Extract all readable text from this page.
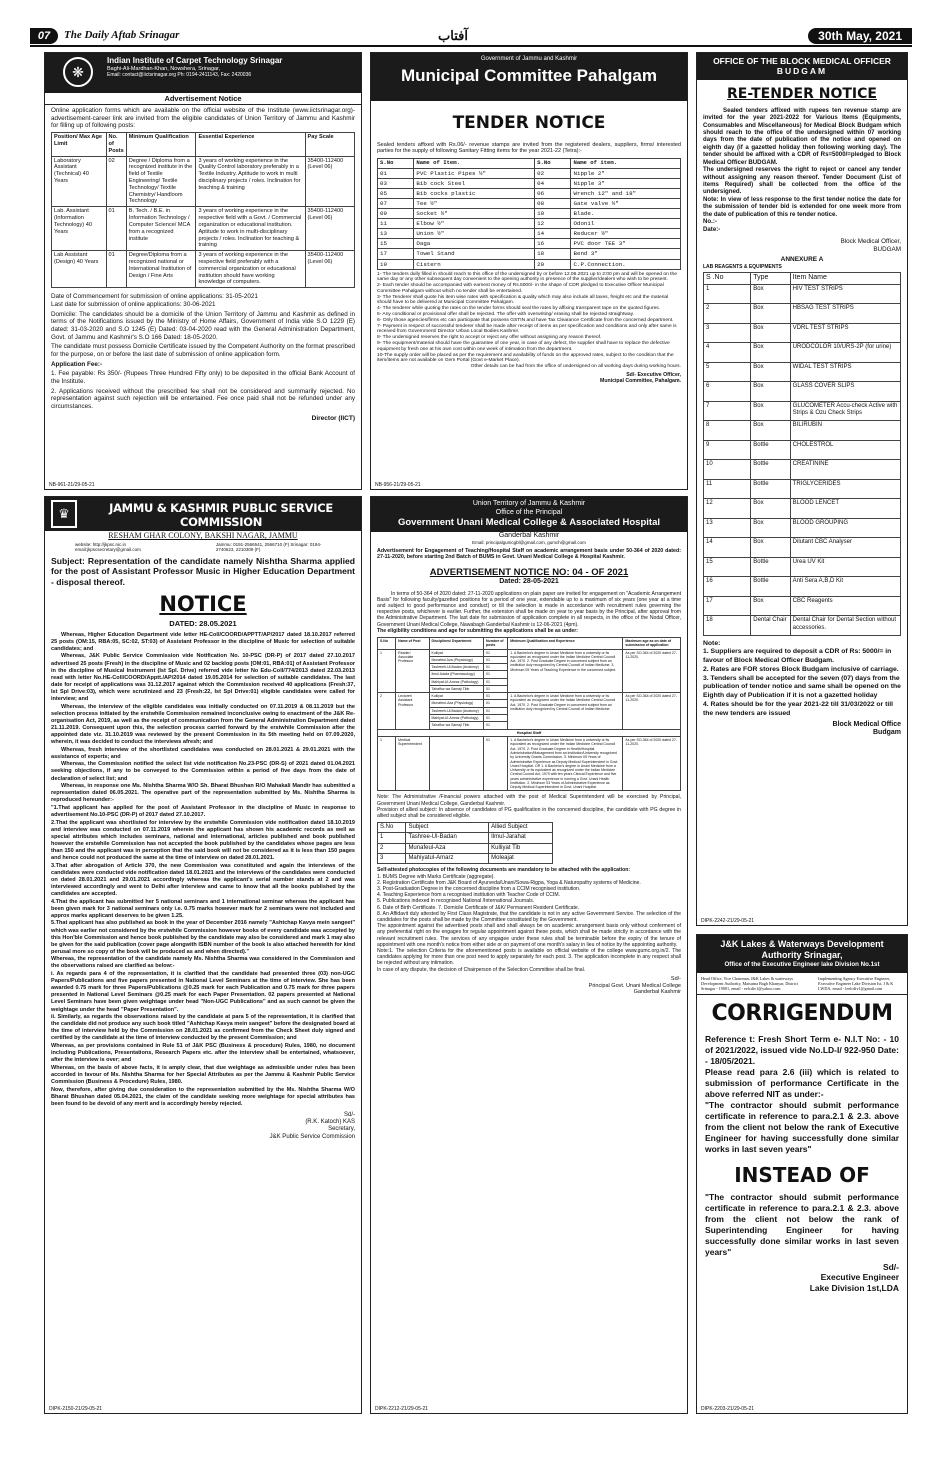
07	The Daily Aftab Srinagar	آفتاب	30th May, 2021
❋
Indian Institute of Carpet Technology Srinagar
Baghi-Ali-Mardhan-Khan, Nowshera, Srinagar,
Email: contact@iictsrinagar.org Ph: 0194-2411143, Fax: 2420036
Advertisement Notice
Online application forms which are available on the official website of the Institute (www.iictsrinagar.org)-advertisement-career link are invited from the eligible candidates of Union Territory of Jammu and Kashmir for filling up of following posts:
Position/ Max Age Limit	No. of Posts	Minimum Qualification	Essential Experience	Pay Scale
Laboratory Assistant (Technical) 40 Years	02	Degree / Diploma from a recognized institute in the field of Textile Engineering/ Textile Technology/ Textile Chemistry/ Handloom Technology	3 years of working experience in the Quality Control laboratory preferably in a Textile Industry. Aptitude to work in multi disciplinary projects / roles. Inclination for teaching & training	35400-112400 (Level 06)
Lab. Assistant (Information Technology) 40 Years	01	B. Tech. / B.E. in Information Technology / Computer Science/ MCA from a recognized institute	3 years of working experience in the respective field with a Govt. / Commercial organization or educational institution. Aptitude to work in multi-disciplinary projects / roles. Inclination for teaching & training	35400-112400 (Level 06)
Lab Assistant (Design) 40 Years	01	Degree/Diploma from a recognized national or International Institution of Design / Fine Arts	3 years of working experience in the respective field preferably with a commercial organization or educational institution should have working knowledge of computers.	35400-112400 (Level 06)
Date of Commencement for submission of online applications: 31-05-2021
Last date for submission of online applications: 30-06-2021
Domicile: The candidates should be a domicile of the Union Territory of Jammu and Kashmir as defined in terms of the Notifications issued by the Ministry of Home Affairs, Government of India vide S.O 1229 (E) dated: 31-03-2020 and S.O 1245 (E) Dated: 03-04-2020 read with the General Administration Department, Govt. of Jammu and Kashmir's S.O 166 Dated: 18-05-2020.
The candidate must possess Domicile Certificate issued by the Competent Authority on the format prescribed for the purpose, on or before the last date of submission of online application form.
Application Fee:-
1. Fee payable: Rs 350/- (Rupees Three Hundred Fifty only) to be deposited in the official Bank Account of the Institute.
2. Applications received without the prescribed fee shall not be considered and summarily rejected. No representation against such rejection will be entertained. Fee once paid shall not be refunded under any circumstances.
Director (IICT)
NB-961-21/29-05-21
Government of Jammu and Kashmir
Municipal Committee Pahalgam
TENDER NOTICE
Sealed tenders affixed with Rs.06/- revenue stamps are invited from the registered dealers, suppliers, firms/ interested parties for the supply of following Sanitary Fitting items for the year 2021-22 (Tetra):-
S.No	Name of Item.	S.No	Name of item.
01	PVC Plastic Pipes ½"	02	Nipple 2"
03	Bib cock Steel	04	Nipple 3"
05	Bib cocks plastic	06	Wrench 12" and 18"
07	Tee ½"	08	Gate valve ½"
09	Socket ½"	10	Blade.
11	Elbow ½"	12	Odonil
13	Union ½"	14	Reducer ½"
15	Daga	16	PVC door TEE 3"
17	Towel Stand	18	Bend 3"
19	Cistern	20	C.P.Connection.
1- The tenders dully filled in should reach to this office of the undersigned by or before 12.06.2021 up to 2:00 pm and will be opened on the same day or any other subsequent day convenient to the opening authority in presence of the supplier/dealers who wish to be present.
2- Each tender should be accompanied with earnest money of Rs.5000/- in the shape of CDR pledged to Executive Officer Municipal Committee Pahalgam without which no tender shall be entertained.
3- The Tenderer shall quote his item wise rates with specification & quality which may also include all taxes, freight etc and the material should have to be delivered at Municipal Committee Pahalgam.
4- The tenderer while quoting the rates on the tender forms should seal the rates by affixing transparent tape on the quoted figures.
5- Any conditional or provisional offer shall be rejected. The offer with overwriting/ erasing shall be rejected straightway.
6- Only those agencies/firms etc can participate that possess GSTIN and have Tax Clearance Certificate from the concerned department.
7- Payment in respect of successful tenderer shall be made after receipt of items as per specification and conditions and only after same is received from Government/ Director Urban Local Bodies Kashmir.
8- The undersigned reserves the right to accept or reject any offer without assigning any reason thereof.
9- The equipment/material should have the guarantee of one year, in case of any defect, the supplier shall have to replace the defective equipment by fresh one at his own cost within one week of intimation from the department.
10-The supply order will be placed as per the requirement and availability of funds on the approved rates, subject to the condition that the item/items are not available on Gem Portal (Govt e-Market Place).
Other details can be had from the office of undersigned on all working days during working hours.
Sd/- Executive Officer,
Municipal Committee, Pahalgam.
NB-956-21/29-05-21
OFFICE OF THE BLOCK MEDICAL OFFICER
BUDGAM
RE-TENDER NOTICE
Sealed tenders affixed with rupees ten revenue stamp are invited for the year 2021-2022 for Various Items (Equipments, Consumables and Miscellaneous) for Medical Block Budgam which should reach to the office of the undersigned within 07 working days from the date of publication of the notice and opened on eighth day (if a gazetted holiday then following working day). The tender should be affixed with a CDR of Rs=5000/=pledged to Block Medical Officer BUDGAM.
The undersigned reserves the right to reject or cancel any tender without assigning any reason thereof. Tender Document (List of items Required) shall be collected from the office of the undersigned.
Note: In view of less response to the first tender notice the date for the submission of tender bid is extended for one week more from the date of publication of this re tender notice.
No.:-
Date:-
Block Medical Officer,
BUDGAM
ANNEXURE A
LAB REAGENTS & EQUIPMENTS
S .No	Type	Item Name
1	Box	HIV TEST STRIPS
2	Box	HBSAG TEST STRIPS
3	Box	VDRL TEST STRIPS
4	Box	URODCOLOR 10/URS-2P (for urine)
5	Box	WIDAL TEST STRIPS
6	Box	GLASS COVER SLIPS
7	Box	GLUCOMETER Accu-check Active with Strips & Ozu Check Strips
8	Box	BILIRUBIN
9	Bottle	CHOLESTROL
10	Bottle	CREATININE
11	Bottle	TRIGLYCERIDES
12	Box	BLOOD LENCET
13	Box	BLOOD GROUPING
14	Box	Dilutant CBC Analyser
15	Bottle	Urea UV Kit
16	Bottle	Anti Sera A,B,D Kit
17	Box	CBC Reagents
18	Dental Chair	Dental Chair for Dental Section without accessories.
Note:
1. Suppliers are required to deposit a CDR of Rs: 5000/= in favour of Block Medical Officer Budgam.
2. Rates are FOR stores Block Budgam inclusive of carriage.
3. Tenders shall be accepted for the seven (07) days from the publication of tender notice and same shall be opened on the Eighth day of Publication if it is not a gazetted holiday
4. Rates should be for the year 2021-22 till 31/03/2022 or till the new tenders are issued
Block Medical Office
Budgam
DIPK-2242-21/29-05-21
♛	JAMMU & KASHMIR PUBLIC SERVICE COMMISSION
RESHAM GHAR COLONY, BAKSHI NAGAR, JAMMU
website: http://jkpsc.nic.in email:jkpscsecretary@gmail.com
Jammu: 0191-2566541, 2566710 (F) Srinagar: 0194-2740623, 2210309 (F)
Subject: Representation of the candidate namely Nishtha Sharma applied for the post of Assistant Professor Music in Higher Education Department - disposal thereof.
NOTICE
DATED: 28.05.2021
Whereas, Higher Education Department vide letter HE-Coll/COORD/APPTT/AP/2017 dated 18.10.2017 referred 25 posts (OM:15, RBA:05, SC:02, ST:03) of Assistant Professor in the discipline of Music for selection of suitable candidates; and
Whereas, J&K Public Service Commission vide Notification No. 10-PSC (DR-P) of 2017 dated 27.10.2017 advertised 25 posts (Fresh) in the discipline of Music and 02 backlog posts [OM:01, RBA:01] of Assistant Professor in the discipline of Musical Instrument (Ist Spl. Drive) referred vide letter No Edu-Coll/774/2013 dated 22.03.2013 read with letter No.HE-Coll/COORD/Apptt./AP/2014 dated 19.05.2014 for selection of suitable candidates. The last date for receipt of applications was 31.12.2017 against which the Commission received 40 applications (Fresh:37, Ist Spl Drive:03), which were scrutinized and 23 (Fresh:22, Ist Spl Drive:01) eligible candidates were called for interview; and
Whereas, the interview of the eligible candidates was initially conducted on 07.11.2019 & 08.11.2019 but the selection process initiated by the erstwhile Commission remained inconclusive owing to enactment of the J&K Re-organisation Act, 2019, as well as the receipt of communication from the General Administration Department dated 21.11.2019. Consequent upon this, the selection process carried forward by the erstwhile Commission after the appointed date viz. 31.10.2019 was reviewed by the present Commission in its 5th meeting held on 07.09.2020, wherein, it was decided to conduct the interviews afresh; and
Whereas, fresh interview of the shortlisted candidates was conducted on 28.01.2021 & 29.01.2021 with the assistance of experts; and
Whereas, the Commission notified the select list vide notification No.23-PSC (DR-S) of 2021 dated 01.04.2021 seeking objections, if any to be conveyed to the Commission within a period of five days from the date of declaration of select list; and
Whereas, in response one Ms. Nishtha Sharma W/O Sh. Bharat Bhushan R/O Mahakali Mandir has submitted a representation dated 06.05.2021. The operative part of the representation submitted by Ms. Nishtha Sharma is reproduced hereunder:-
"1.That applicant has applied for the post of Assistant Professor in the discipline of Music in response to advertisement No.10-PSC (DR-P) of 2017 dated 27.10.2017.
2.That the applicant was shortlisted for interview by the erstwhile Commission vide notification dated 18.10.2019 and interview was conducted on 07.11.2019 wherein the applicant has shown his academic records as well as special attributes which includes seminars, national and international, articles published and book published however the erstwhile Commission has not accepted the book published by the candidates whose pages are less than 150 and the applicant was in perception that the said book will not be considered as it is less than 150 pages and hence could not produced the same at the time of interview on dated 28.01.2021.
3.That after abrogation of Article 370, the new Commission was constituted and again the interviews of the candidates were conducted vide notification dated 18.01.2021 and the interviews of the candidates were conducted on dated 28.01.2021 and 29.01.2021 accordingly whereas the applicant's serial number stands at 2 and was interviewed accordingly and went to Delhi after interview and came to know that all the books published by the candidates are accepted.
4.That the applicant has submitted her 5 national seminars and 1 international seminar whereas the applicant has been given mark for 3 national seminars only i.e. 0.75 marks however mark for 2 seminars were not included and approx marks applicant deserves to be given 1.25.
5.That applicant has also published as book in the year of December 2016 namely "Ashtchap Kavya mein sangeet" which was earlier not considered by the erstwhile Commission however books of every candidate was accepted by this Hon'ble Commission and hence book published by the candidate may also be considered and mark 1 may also be given for the said publication (cover page alongwith ISBN number of the book is also attached herewith for kind perusal more so copy of the book will be produced as and when directed)."
Whereas, the representation of the candidate namely Ms. Nishtha Sharma was considered in the Commission and the observations raised are clarified as below:-
i. As regards para 4 of the representation, it is clarified that the candidate had presented three (03) non-UGC Papers/Publications and five papers presented in National Level Seminars at the time of interview. She has been awarded 0.75 mark for three Papers/Publications @0.25 mark for each Publication and 0.75 mark for three papers presented in National Level Seminars @0.25 mark for each Paper Presentation. 02 papers presented at National Level Seminars have been given weightage under head "Non-UGC Publications" and as such cannot be given the weightage under the head "Paper Presentation".
ii. Similarly, as regards the observations raised by the candidate at para 5 of the representation, it is clarified that the candidate did not produce any such book titled "Ashtchap Kavya mein sangeet" before the designated board at the time of interview held by the Commission on 28.01.2021 as confirmed from the Check Sheet duly signed and certified by the candidate at the time of interview conducted by the present Commission; and
Whereas, as per provisions contained in Rule 51 of J&K PSC (Business & procedure) Rules, 1980, no document including Publications, Presentations, Research Papers etc. after the interview shall be entertained, whatsoever, after the interview is over; and
Whereas, on the basis of above facts, it is amply clear, that due weightage as admissible under rules has been accorded in favour of Ms. Nishtha Sharma for her Special Attributes as per the Jammu & Kashmir Public Service Commission (Business & Procedure) Rules, 1980.
Now, therefore, after giving due consideration to the representation submitted by the Ms. Nishtha Sharma W/O Bharat Bhushan dated 05.04.2021, the claim of the candidate seeking more weightage for special attributes has been found to be devoid of any merit and is accordingly hereby rejected.
Sd/-
(R.K. Katoch) KAS
Secretary,
J&K Public Service Commission
DIPK-2150-21/29-05-21
Union Territory of Jammu & Kashmir
Office of the Principal
Government Unani Medical College & Associated Hospital
Ganderbal Kashmir
Email: principalgumcgbl@gmail.com, gumch@gmail.com
Advertisement for Engagement of Teaching/Hospital Staff on academic arrangement basis under 50-364 of 2020 dated: 27-11-2020, before starting 2nd Batch of BUMS in Govt. Unani Medical College & Hospital Kashmir.
ADVERTISEMENT NOTICE NO: 04 - OF 2021
Dated: 28-05-2021
In terms of 50-364 of 2020 dated: 27-11-2020 applications on plain paper are invited for engagement on "Academic Arrangement Basis" for following faculty/gazetted positions for a period of one year, extendable up to a maximum of six years (one year at a time and subject to good performance and conduct) or till the selection is made in accordance with recruitment rules governing the respective posts, whichever is earlier. Further, the extension shall be made on year to year basis by the Principal, after approval from the Administrative Department. The last date for submission of application complete in all respects, in the office of the Nodal Officer, Government Unani Medical College, Nawabagh Ganderbal Kashmir is 12-06-2021 (4pm).
The eligibility conditions and age for submitting the applications shall be as under:
S.No	Name of Post	Disciplines/ Department	Number of posts	Minimum Qualification and Experience	Maximum age as on date of submission of application
1	Reader/ Associate Professor	Kulliyat	01	1. A Bachelor's degree in Unani Medicine from a university or its equivalent as recognized under the Indian Medicine Central Council Act, 1970. 2. Post Graduate Degree in concerned subject from an institution duly recognized by Central Council of Indian Medicine. 3. Minimum 05 Years of Teaching Experience in the concerned subject.	As per SO-364 of 2020 dated 27-11-2020.
		Munafeul Aza (Physiology)	01		
		Tashreeh-Ul-Badan (Anatomy)	01		
		Ilmul Adwia (Pharmacology)	01		
		Mahiyat-Ul-Amraz (Pathology)	01		
		Tahaffuz wa Samaji Tibb	01		
2	Lecturer/ Assistant Professor	Kulliyat	01	1. A Bachelor's degree in Unani Medicine from a university or its equivalent as recognized under the Indian Medicine Central Council Act, 1970. 2. Post Graduate Degree in concerned subject from an institution duly recognized by Central Council of Indian Medicine.	As per SO-364 of 2020 dated 27-11-2020.
		Munafeul-Aza (Physiology)	01		
		Tashreeh-Ul-Badan (Anatomy)	01		
		Mahiyat-Ul-Amraz (Pathology)	01		
		Tahaffuz wa Samaji Tibb	01		
Hospital Staff					
1	Medical Superintendent		01	1. A Bachelor's degree in Unani Medicine from a university or its equivalent as recognized under the Indian Medicine Central Council Act, 1970. 2. Post Graduate Degree in Health/Hospital Administration/Management from an institution/University recognized by University Grants Commission. 3. Minimum 05 Years of Administrative Experience as Deputy Medical Superintendent in Govt. Unani Hospital. OR 1. A Bachelor's degree in Unani Medicine from a University or its equivalent as recognized under the Indian Medicine Central Council Act, 1970 with ten years Clinical Experience and five years administrative experience in running a Govt. Unani Health Institution. 2. Minimum 03 Years of Administrative Experience as Deputy Medical Superintendent in Govt. Unani Hospital.	As per SO-364 of 2020 dated 27-11-2020.
Note: The Administrative /Financial powers attached with the post of Medical Superintendent will be exercised by Principal, Government Unani Medical College, Ganderbal Kashmir.
Provision of allied subject: In absence of candidates of PG qualification in the concerned discipline, the candidate with PG degree in allied subject shall be considered eligible.
S.No	Subject	Allied Subject
1	Tashree-Ul-Badan	Ilmul-Jarahat
2	Munafeul-Aza	Kulliyat Tib
3	Mahiyatul-Amarz	Moleajat
Self-attested photocopies of the following documents are mandatory to be attached with the application:
1. BUMS Degree with Marks Certificate (aggregate).
2. Registration Certificate from J&K Board of Ayurveda/Unani/Sowa-Rigpa, Yoga & Naturopathy systems of Medicine.
3. Post-Graduation Degree in the concerned discipline from a CCIM recognised institution.
4. Teaching Experience from a recognised institution with Teacher Code of CCIM.
5. Publications indexed in recognised National /International Journals.
6. Date of Birth Certificate. 7. Domicile Certificate of J&K/ Permanent Resident Certificate.
8. An Affidavit duly attested by First Class Magistrate, that the candidate is not in any active Government Service. The selection of the candidates for the posts shall be made by the Committee constituted by the Government.
The appointment against the advertised posts shall and shall always be on academic arrangement basis only without conferment of any preferential right on the engages for regular appointment against these posts, which shall be made strictly in accordance with the relevant recruitment rules. The services of any engagee under these rules shall be terminable before the expiry of the tenure of appointment with one month's notice from either side or on payment of one month's salary in lieu of notice by the appointing authority.
Note:1. The selection Criteria for the aforementioned posts is available on official website of the college www.gumc.org.in/2. The candidates applying for more than one post need to apply separately for each post. 3. The application incomplete in any respect shall be rejected without any intimation.
In case of any dispute, the decision of Chairperson of the Selection Committee shall be final.
Sd/-
Principal Govt. Unani Medical College
Ganderbal Kashmir
DIPK-2212-21/29-05-21
J&K Lakes & Waterways Development Authority Srinagar,
Office of the Executive Engineer lake Division No.1st
Head Office, Vice Chairman, J&K Lakes & waterways Development Authority, Maisuma Bagh Khanyar, District Srinagar - 19001, email - eelcdiv1@yahoo.com
Implementing Agency Executive Engineer, Executive Engineer Lake Division Ist, J & K LWDA, email - leelcdiv1@gmail.com
CORRIGENDUM
Reference t: Fresh Short Term e- N.I.T No: - 10 of 2021/2022, issued vide No.LD-I/ 922-950 Date: - 18/05/2021.
Please read para 2.6 (iii) which is related to submission of performance Certificate in the above referred NIT as under:-
"The contractor should submit performance certificate in reference to para.2.1 & 2.3. above from the client not below the rank of Executive Engineer for having successfully done similar works in last seven years"
INSTEAD OF
"The contractor should submit performance certificate in reference to para.2.1 & 2.3. above from the client not below the rank of Superintending Engineer for having successfully done similar works in last seven years"
Sd/-
Executive Engineer
Lake Division 1st,LDA
DIPK-2203-21/29-05-21
